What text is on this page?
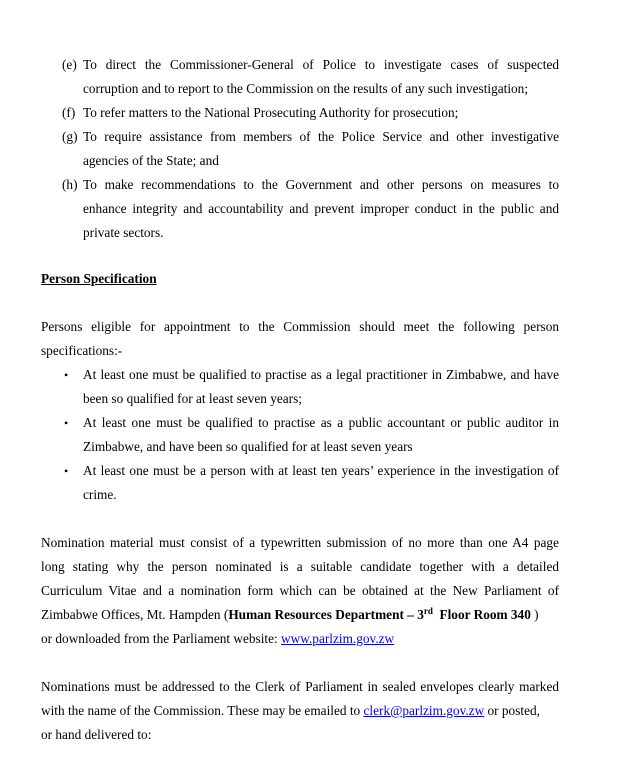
(e) To direct the Commissioner-General of Police to investigate cases of suspected
corruption and to report to the Commission on the results of any such investigation;
(f) To refer matters to the National Prosecuting Authority for prosecution;
(g) To require assistance from members of the Police Service and other investigative
agencies of the State; and
(h) To make recommendations to the Government and other persons on measures to
enhance integrity and accountability and prevent improper conduct in the public and
private sectors.
Person Specification
Persons eligible for appointment to the Commission should meet the following person
specifications:-
• At least one must be qualified to practise as a legal practitioner in Zimbabwe, and have
been so qualified for at least seven years;
• At least one must be qualified to practise as a public accountant or public auditor in
Zimbabwe, and have been so qualified for at least seven years
• At least one must be a person with at least ten years’ experience in the investigation of
crime.
Nomination material must consist of a typewritten submission of no more than one A4 page
long stating why the person nominated is a suitable candidate together with a detailed
Curriculum Vitae and a nomination form which can be obtained at the New Parliament of
Zimbabwe Offices, Mt. Hampden (Human Resources Department – 3rd  Floor Room 340 )
or downloaded from the Parliament website: www.parlzim.gov.zw
Nominations must be addressed to the Clerk of Parliament in sealed envelopes clearly marked
with the name of the Commission. These may be emailed to clerk@parlzim.gov.zw or posted,
or hand delivered to:
